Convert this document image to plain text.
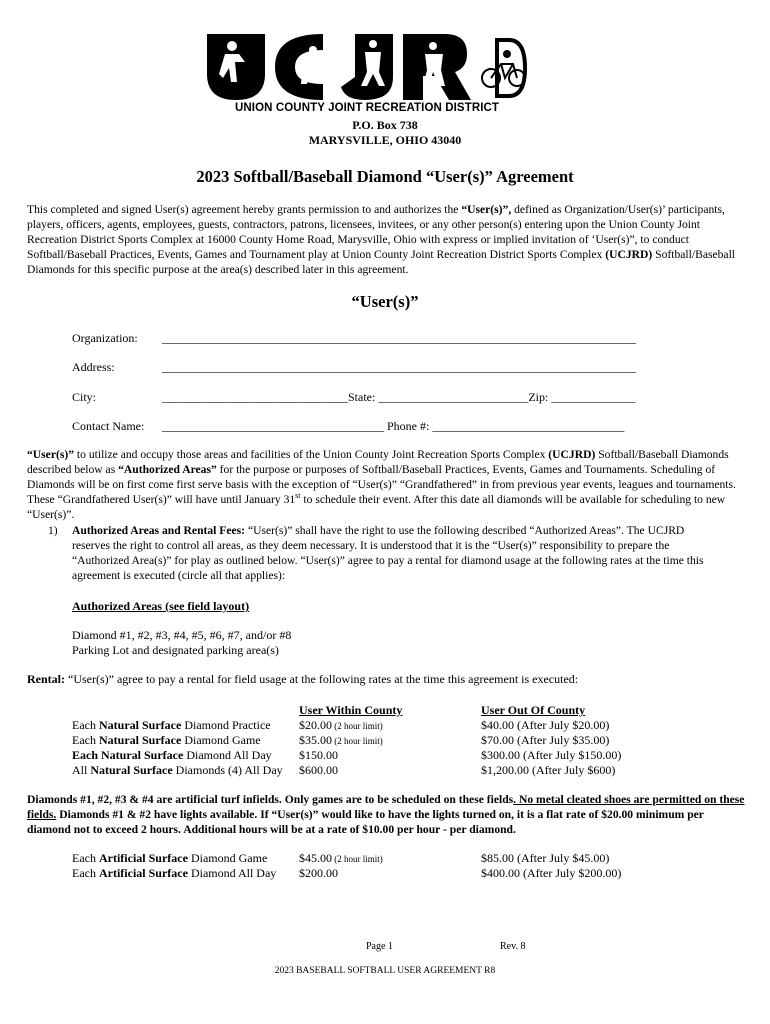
UNION COUNTY JOINT RECREATION DISTRICT
P.O. Box 738
MARYSVILLE, OHIO 43040
2023 Softball/Baseball Diamond “User(s)” Agreement

This completed and signed User(s) agreement hereby grants permission to and authorizes the “User(s)”, defined as Organization/User(s)’ participants, players, officers, agents, employees, guests, contractors, patrons, licensees, invitees, or any other person(s) entering upon the Union County Joint Recreation District Sports Complex at 16000 County Home Road, Marysville, Ohio with express or implied invitation of ‘User(s)”, to conduct Softball/Baseball Practices, Events, Games and Tournament play at Union County Joint Recreation District Sports Complex (UCJRD) Softball/Baseball Diamonds for this specific purpose at the area(s) described later in this agreement.

“User(s)”
Organization: _______________________________________________________________________________
Address:	_______________________________________________________________________________
City:	_______________________________State: _________________________Zip: ______________
Contact Name: _____________________________________ Phone #: ________________________________

“User(s)” to utilize and occupy those areas and facilities of the Union County Joint Recreation Sports Complex (UCJRD) Softball/Baseball Diamonds described below as “Authorized Areas” for the purpose or purposes of Softball/Baseball Practices, Events, Games and Tournaments. Scheduling of Diamonds will be on first come first serve basis with the exception of “User(s)” “Grandfathered” in from previous year events, leagues and tournaments. These “Grandfathered User(s)” will have until January 31st to schedule their event. After this date all diamonds will be available for scheduling to new “User(s)”.

1) Authorized Areas and Rental Fees: “User(s)” shall have the right to use the following described “Authorized Areas”. The UCJRD reserves the right to control all areas, as they deem necessary. It is understood that it is the “User(s)” responsibility to prepare the “Authorized Area(s)” for play as outlined below. “User(s)” agree to pay a rental for diamond usage at the following rates at the time this agreement is executed (circle all that applies):

Authorized Areas (see field layout)
Diamond #1, #2, #3, #4, #5, #6, #7, and/or #8
Parking Lot and designated parking area(s)

Rental: “User(s)” agree to pay a rental for field usage at the following rates at the time this agreement is executed:

User Within County	User Out Of County
Each Natural Surface Diamond Practice $20.00 (2 hour limit)	$40.00 (After July $20.00)
Each Natural Surface Diamond Game	$35.00 (2 hour limit)	$70.00 (After July $35.00)
Each Natural Surface Diamond All Day $150.00	$300.00 (After July $150.00)
All Natural Surface Diamonds (4) All Day $600.00	$1,200.00 (After July $600)

Diamonds #1, #2, #3 & #4 are artificial turf infields. Only games are to be scheduled on these fields. No metal cleated shoes are permitted on these fields. Diamonds #1 & #2 have lights available. If “User(s)” would like to have the lights turned on, it is a flat rate of $20.00 minimum per diamond not to exceed 2 hours. Additional hours will be at a rate of $10.00 per hour - per diamond.

Each Artificial Surface Diamond Game	$45.00 (2 hour limit)	$85.00 (After July $45.00)
Each Artificial Surface Diamond All Day $200.00	$400.00 (After July $200.00)
Page 1	Rev. 8
2023 BASEBALL SOFTBALL USER AGREEMENT R8
